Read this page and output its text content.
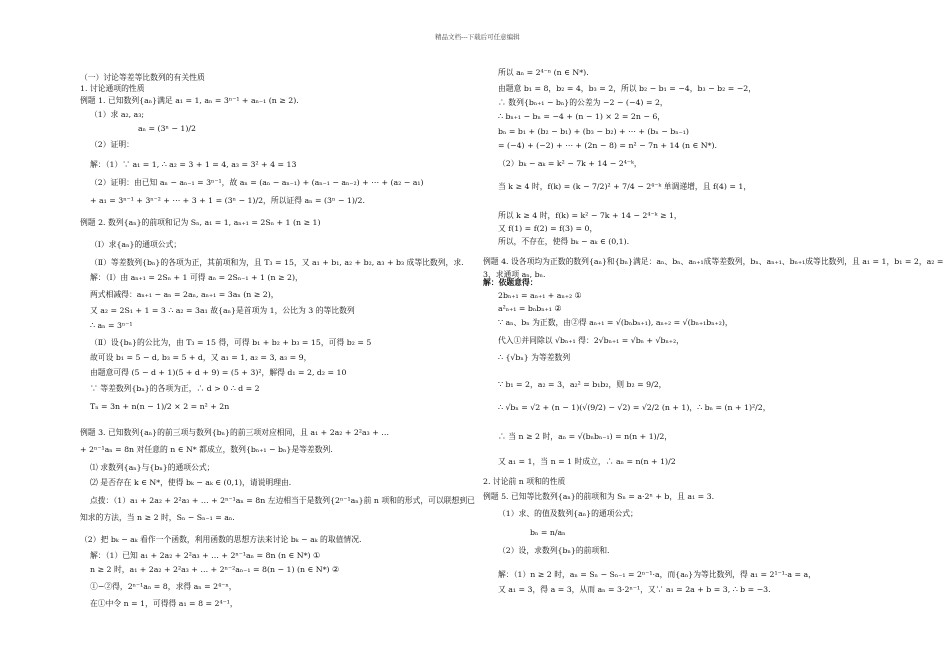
精品文档---下载后可任意编辑
（一）讨论等差等比数列的有关性质
1. 讨论通项的性质
例题 1. 已知数列{aₙ}满足 a₁ = 1, aₙ = 3ⁿ⁻¹ + aₙ₋₁ (n ≥ 2).
（1）求 a₂, a₃;
aₙ = (3ⁿ − 1)/2
（2）证明：
解：（1）∵ a₁ = 1, ∴ a₂ = 3 + 1 = 4, a₃ = 3² + 4 = 13
（2）证明：由已知 aₙ − aₙ₋₁ = 3ⁿ⁻¹，故 aₙ = (aₙ − aₙ₋₁) + (aₙ₋₁ − aₙ₋₂) + ⋯ + (a₂ − a₁)
+ a₁ = 3ⁿ⁻¹ + 3ⁿ⁻² + ⋯ + 3 + 1 = (3ⁿ − 1)/2，所以证得 aₙ = (3ⁿ − 1)/2.
例题 2. 数列{aₙ}的前项和记为 Sₙ, a₁ = 1, aₙ₊₁ = 2Sₙ + 1 (n ≥ 1)
（Ⅰ）求{aₙ}的通项公式；
（Ⅱ）等差数列{bₙ}的各项为正，其前项和为，且 T₃ = 15，又 a₁ + b₁, a₂ + b₂, a₃ + b₃ 成等比数列，求.
解：（Ⅰ）由 aₙ₊₁ = 2Sₙ + 1 可得 aₙ = 2Sₙ₋₁ + 1 (n ≥ 2)，
两式相减得：aₙ₊₁ − aₙ = 2aₙ, aₙ₊₁ = 3aₙ (n ≥ 2)，
又 a₂ = 2S₁ + 1 = 3 ∴ a₂ = 3a₁ 故{aₙ}是首项为 1，公比为 3 的等比数列
∴ aₙ = 3ⁿ⁻¹
（Ⅱ）设{bₙ}的公比为，由 T₃ = 15 得，可得 b₁ + b₂ + b₃ = 15，可得 b₂ = 5
故可设 b₁ = 5 − d, b₃ = 5 + d，又 a₁ = 1, a₂ = 3, a₃ = 9，
由题意可得 (5 − d + 1)(5 + d + 9) = (5 + 3)²，解得 d₁ = 2, d₂ = 10
∵ 等差数列{bₙ}的各项为正，∴ d > 0 ∴ d = 2
Tₙ = 3n + n(n − 1)/2 × 2 = n² + 2n
例题 3. 已知数列{aₙ}的前三项与数列{bₙ}的前三项对应相同，且 a₁ + 2a₂ + 2²a₃ + …
+ 2ⁿ⁻¹aₙ = 8n 对任意的 n ∈ N* 都成立，数列{bₙ₊₁ − bₙ}是等差数列.
⑴ 求数列{aₙ}与{bₙ}的通项公式；
⑵ 是否存在 k ∈ N*，使得 bₖ − aₖ ∈ (0,1)，请说明理由.
点拨：（1）a₁ + 2a₂ + 2²a₃ + … + 2ⁿ⁻¹aₙ = 8n 左边相当于是数列{2ⁿ⁻¹aₙ}前 n 项和的形式，可以联想到已
知求的方法，当 n ≥ 2 时，Sₙ − Sₙ₋₁ = aₙ.
（2）把 bₖ − aₖ 看作一个函数，利用函数的思想方法来讨论 bₖ − aₖ 的取值情况.
解：（1）已知 a₁ + 2a₂ + 2²a₃ + … + 2ⁿ⁻¹aₙ = 8n (n ∈ N*) ①
n ≥ 2 时，a₁ + 2a₂ + 2²a₃ + … + 2ⁿ⁻²aₙ₋₁ = 8(n − 1) (n ∈ N*) ②
①−②得，2ⁿ⁻¹aₙ = 8，求得 aₙ = 2⁴⁻ⁿ，
在①中令 n = 1，可得得 a₁ = 8 = 2⁴⁻¹，
所以 aₙ = 2⁴⁻ⁿ (n ∈ N*).
由题意 b₁ = 8，b₂ = 4，b₃ = 2，所以 b₂ − b₁ = −4，b₃ − b₂ = −2，
∴ 数列{bₙ₊₁ − bₙ}的公差为 −2 − (−4) = 2，
∴ bₙ₊₁ − bₙ = −4 + (n − 1) × 2 = 2n − 6，
bₙ = b₁ + (b₂ − b₁) + (b₃ − b₂) + ⋯ + (bₙ − bₙ₋₁)
= (−4) + (−2) + ⋯ + (2n − 8) = n² − 7n + 14 (n ∈ N*).
（2）bₖ − aₖ = k² − 7k + 14 − 2⁴⁻ᵏ，
当 k ≥ 4 时，f(k) = (k − 7/2)² + 7/4 − 2⁴⁻ᵏ 单调递增，且 f(4) = 1，
所以 k ≥ 4 时，f(k) = k² − 7k + 14 − 2⁴⁻ᵏ ≥ 1，
又 f(1) = f(2) = f(3) = 0，
所以，不存在，使得 bₖ − aₖ ∈ (0,1).
例题 4. 设各项均为正数的数列{aₙ}和{bₙ}满足：aₙ、bₙ、aₙ₊₁成等差数列，bₙ、aₙ₊₁、bₙ₊₁成等比数列，且 a₁ = 1，b₁ = 2，a₂ = 3，求通项 aₙ, bₙ.
解：依题意得：
2bₙ₊₁ = aₙ₊₁ + aₙ₊₂ ①
a²ₙ₊₁ = bₙbₙ₊₁ ②
∵ aₙ、bₙ 为正数，由②得 aₙ₊₁ = √(bₙbₙ₊₁), aₙ₊₂ = √(bₙ₊₁bₙ₊₂)，
代入①并同除以 √bₙ₊₁ 得：2√bₙ₊₁ = √bₙ + √bₙ₊₂，
∴ {√bₙ} 为等差数列
∵ b₁ = 2，a₂ = 3，a₂² = b₁b₂，则 b₂ = 9/2，
∴ √bₙ = √2 + (n − 1)(√(9/2) − √2) = √2/2 (n + 1)，∴ bₙ = (n + 1)²/2，
∴ 当 n ≥ 2 时，aₙ = √(bₙbₙ₋₁) = n(n + 1)/2，
又 a₁ = 1，当 n = 1 时成立，∴ aₙ = n(n + 1)/2
2. 讨论前 n 项和的性质
例题 5. 已知等比数列{aₙ}的前项和为 Sₙ = a·2ⁿ + b，且 a₁ = 3.
（1）求、的值及数列{aₙ}的通项公式；
bₙ = n/aₙ
（2）设，求数列{bₙ}的前项和.
解：（1）n ≥ 2 时，aₙ = Sₙ − Sₙ₋₁ = 2ⁿ⁻¹·a，而{aₙ}为等比数列，得 a₁ = 2¹⁻¹·a = a，
又 a₁ = 3，得 a = 3，从而 aₙ = 3·2ⁿ⁻¹，又∵ a₁ = 2a + b = 3, ∴ b = −3.
